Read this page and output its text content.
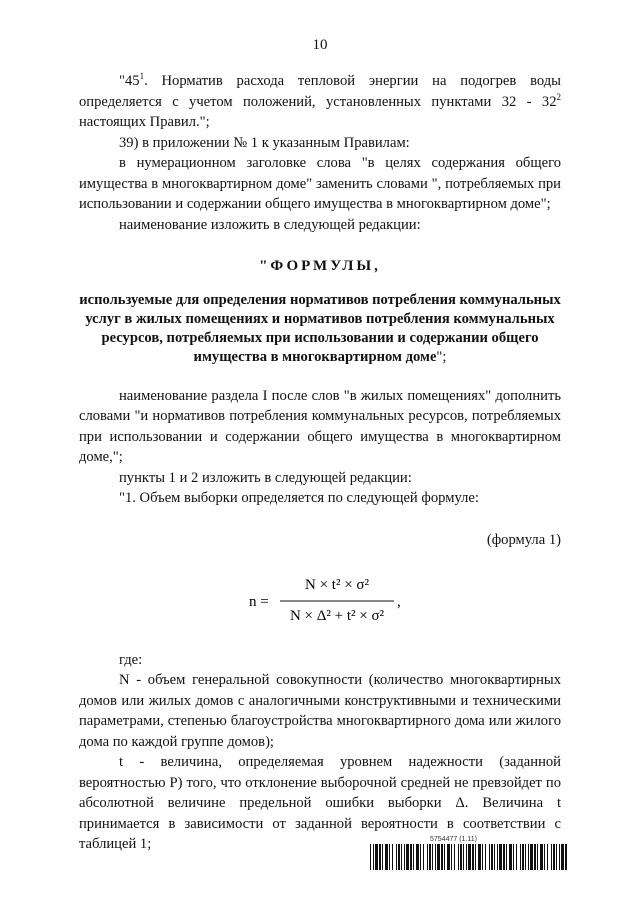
10

"$45^1$. Норматив расхода тепловой энергии на подогрев воды определяется с учетом положений, установленных пунктами $32 - 32^2$ настоящих Правил.";

39) в приложении № 1 к указанным Правилам:

в нумерационном заголовке слова "в целях содержания общего имущества в многоквартирном доме" заменить словами ", потребляемых при использовании и содержании общего имущества в многоквартирном доме";

наименование изложить в следующей редакции:

"ФОРМУЛЫ,

используемые для определения нормативов потребления коммунальных услуг в жилых помещениях и нормативов потребления коммунальных ресурсов, потребляемых при использовании и содержании общего имущества в многоквартирном доме";

наименование раздела I после слов "в жилых помещениях" дополнить словами "и нормативов потребления коммунальных ресурсов, потребляемых при использовании и содержании общего имущества в многоквартирном доме,";

пункты 1 и 2 изложить в следующей редакции:

"1. Объем выборки определяется по следующей формуле:

(формула 1)

n =
N × t² × σ²
N × Δ² + t² × σ²
,

где:

N - объем генеральной совокупности (количество многоквартирных домов или жилых домов с аналогичными конструктивными и техническими параметрами, степенью благоустройства многоквартирного дома или жилого дома по каждой группе домов);

t - величина, определяемая уровнем надежности (заданной вероятностью P) того, что отклонение выборочной средней не превзойдет по абсолютной величине предельной ошибки выборки Δ. Величина t принимается в зависимости от заданной вероятности в соответствии с таблицей 1;	5754477 (1.11)
